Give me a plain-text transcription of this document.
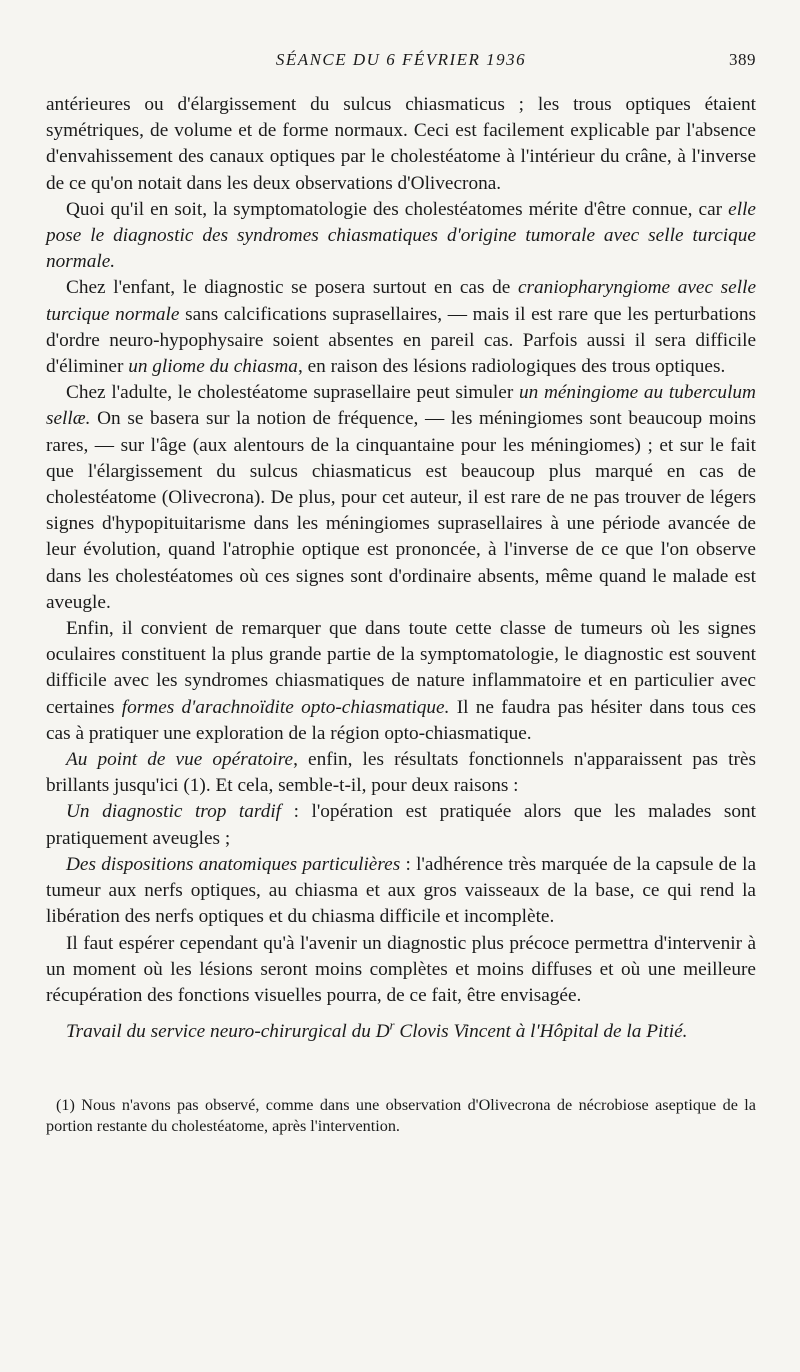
SÉANCE DU 6 FÉVRIER 1936	389

antérieures ou d'élargissement du sulcus chiasmaticus ; les trous optiques étaient symétriques, de volume et de forme normaux. Ceci est facilement explicable par l'absence d'envahissement des canaux optiques par le cholestéatome à l'intérieur du crâne, à l'inverse de ce qu'on notait dans les deux observations d'Olivecrona.

Quoi qu'il en soit, la symptomatologie des cholestéatomes mérite d'être connue, car elle pose le diagnostic des syndromes chiasmatiques d'origine tumorale avec selle turcique normale.

Chez l'enfant, le diagnostic se posera surtout en cas de craniopharyngiome avec selle turcique normale sans calcifications suprasellaires, — mais il est rare que les perturbations d'ordre neuro-hypophysaire soient absentes en pareil cas. Parfois aussi il sera difficile d'éliminer un gliome du chiasma, en raison des lésions radiologiques des trous optiques.

Chez l'adulte, le cholestéatome suprasellaire peut simuler un méningiome au tuberculum sellæ. On se basera sur la notion de fréquence, — les méningiomes sont beaucoup moins rares, — sur l'âge (aux alentours de la cinquantaine pour les méningiomes) ; et sur le fait que l'élargissement du sulcus chiasmaticus est beaucoup plus marqué en cas de cholestéatome (Olivecrona). De plus, pour cet auteur, il est rare de ne pas trouver de légers signes d'hypopituitarisme dans les méningiomes suprasellaires à une période avancée de leur évolution, quand l'atrophie optique est prononcée, à l'inverse de ce que l'on observe dans les cholestéatomes où ces signes sont d'ordinaire absents, même quand le malade est aveugle.

Enfin, il convient de remarquer que dans toute cette classe de tumeurs où les signes oculaires constituent la plus grande partie de la symptomatologie, le diagnostic est souvent difficile avec les syndromes chiasmatiques de nature inflammatoire et en particulier avec certaines formes d'arachnoïdite opto-chiasmatique. Il ne faudra pas hésiter dans tous ces cas à pratiquer une exploration de la région opto-chiasmatique.

Au point de vue opératoire, enfin, les résultats fonctionnels n'apparaissent pas très brillants jusqu'ici (1). Et cela, semble-t-il, pour deux raisons :

Un diagnostic trop tardif : l'opération est pratiquée alors que les malades sont pratiquement aveugles ;

Des dispositions anatomiques particulières : l'adhérence très marquée de la capsule de la tumeur aux nerfs optiques, au chiasma et aux gros vaisseaux de la base, ce qui rend la libération des nerfs optiques et du chiasma difficile et incomplète.

Il faut espérer cependant qu'à l'avenir un diagnostic plus précoce permettra d'intervenir à un moment où les lésions seront moins complètes et moins diffuses et où une meilleure récupération des fonctions visuelles pourra, de ce fait, être envisagée.

Travail du service neuro-chirurgical du $D^r$ Clovis Vincent à l'Hôpital de la Pitié.

(1) Nous n'avons pas observé, comme dans une observation d'Olivecrona de nécrobiose aseptique de la portion restante du cholestéatome, après l'intervention.
